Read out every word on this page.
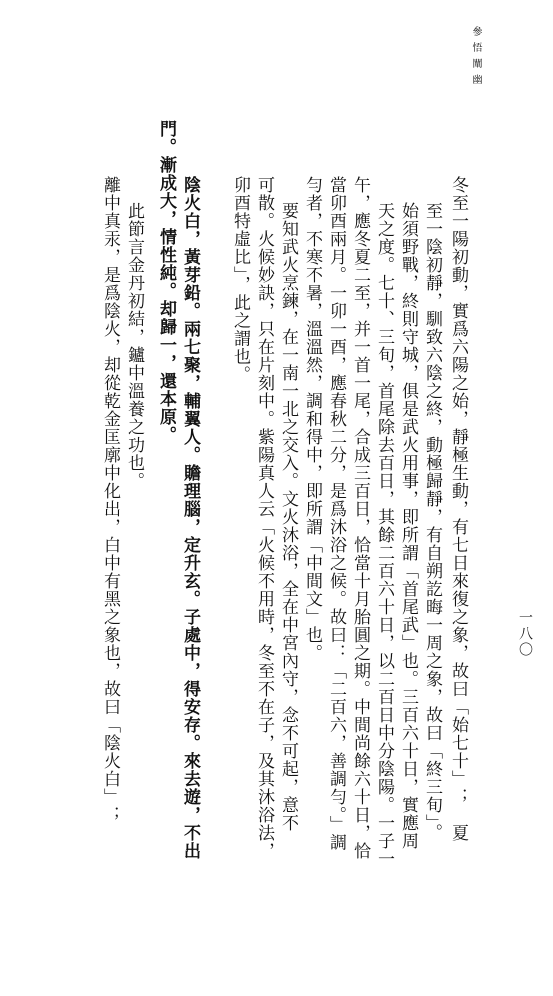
參悟闡幽
一八〇
冬至一陽初動，實爲六陽之始，靜極生動，有七日來復之象，故曰「始七十」；　夏
至一陰初靜，馴致六陰之終，動極歸靜，有自朔訖晦一周之象，故曰「終三旬」。
始須野戰，終則守城，俱是武火用事，即所謂「首尾武」也。三百六十日，實應周
天之度。七十、三旬，首尾除去百日，其餘二百六十日，以二百日中分陰陽。一子一
午，應冬夏二至，并一首一尾，合成三百日，恰當十月胎圓之期。中間尚餘六十日，恰
當卯酉兩月。一卯一酉，應春秋二分，是爲沐浴之候。故曰：「二百六，善調勻。」調
勻者，不寒不暑，溫溫然，調和得中，即所謂「中間文」也。
要知武火烹鍊，在一南一北之交入。文火沐浴，全在中宮內守，念不可起，意不
可散。火候妙訣，只在片刻中。紫陽真人云「火候不用時，冬至不在子，及其沐浴法，
卯酉特虛比」，此之謂也。
陰火白，黃芽鉛。兩七聚，輔翼人。贍理腦，定升玄。子處中，得安存。來去遊，不出
門。漸成大，情性純。却歸一，還本原。
此節言金丹初結，鑪中溫養之功也。
離中真汞，是爲陰火，却從乾金匡廓中化出，白中有黑之象也，故曰「陰火白」；
